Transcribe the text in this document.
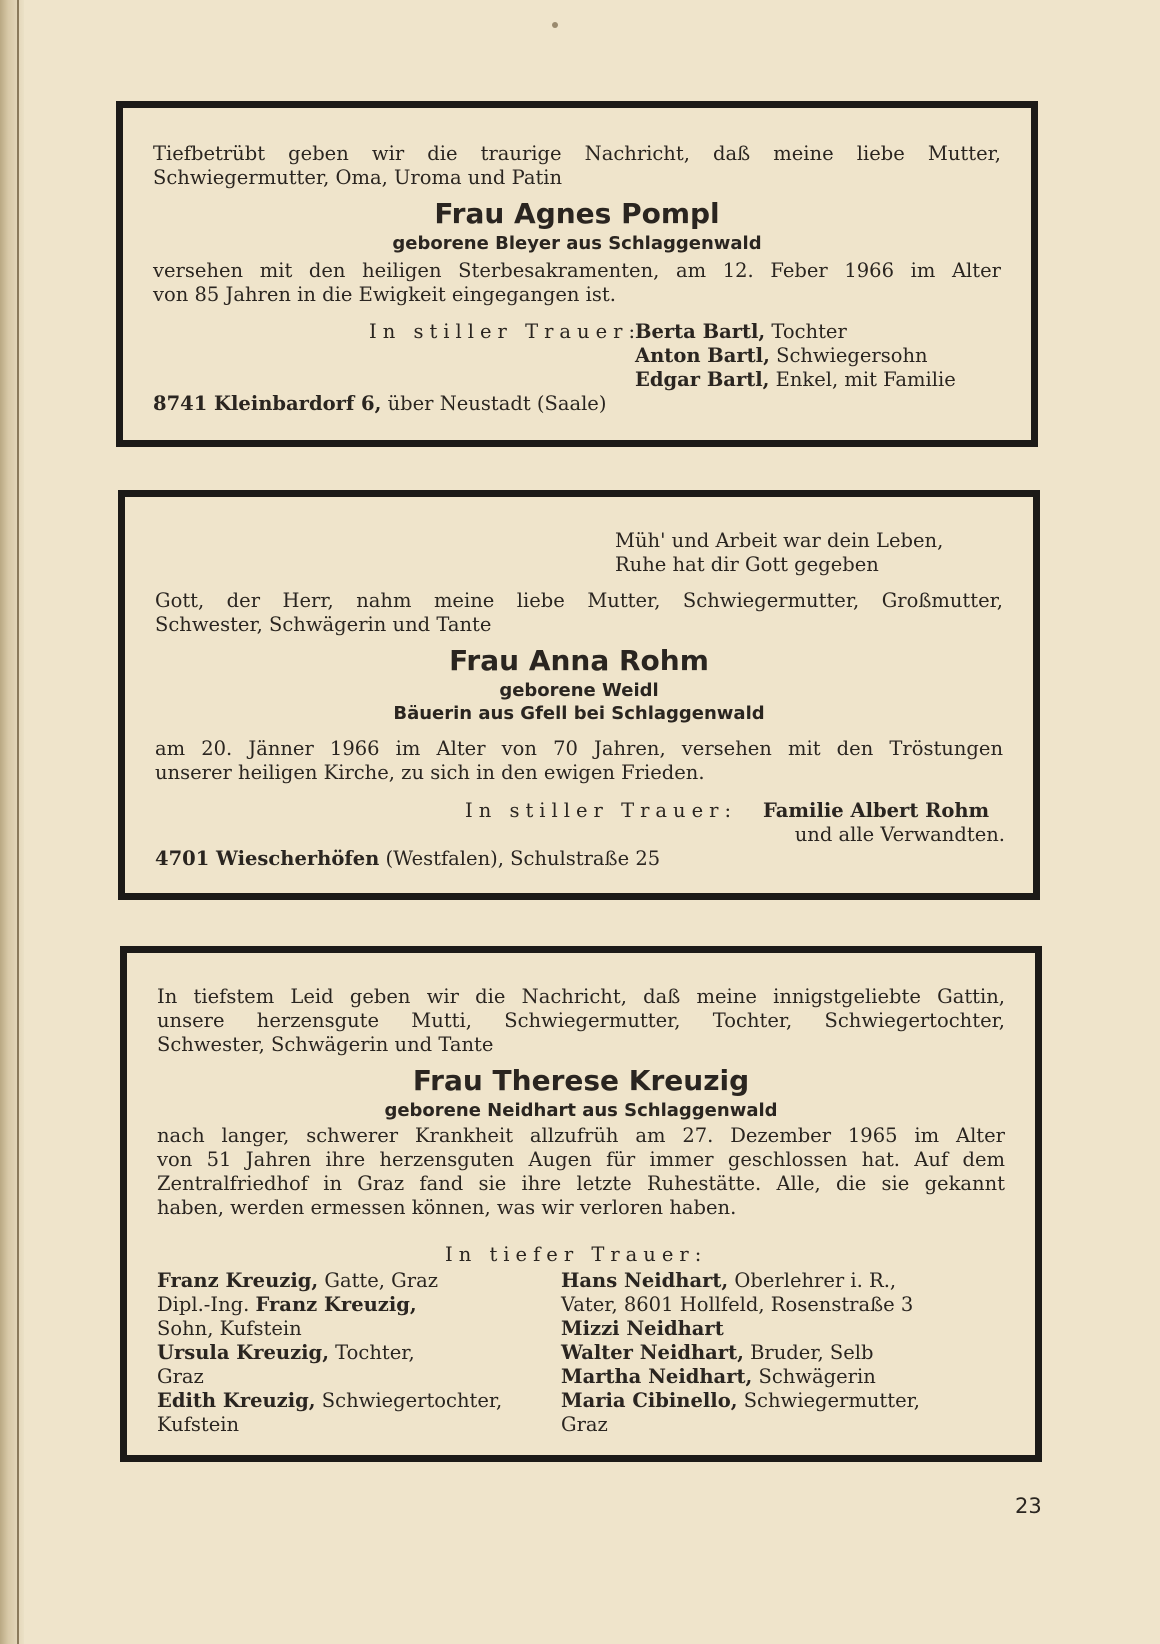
Tiefbetrübt geben wir die traurige Nachricht, daß meine liebe Mutter,

Schwiegermutter, Oma, Uroma und Patin

Frau Agnes Pompl

geborene Bleyer aus Schlaggenwald

versehen mit den heiligen Sterbesakramenten, am 12. Feber 1966 im Alter

von 85 Jahren in die Ewigkeit eingegangen ist.

In stiller Trauer:
Berta Bartl, Tochter
Anton Bartl, Schwiegersohn
Edgar Bartl, Enkel, mit Familie
8741 Kleinbardorf 6, über Neustadt (Saale)
Müh' und Arbeit war dein Leben,
Ruhe hat dir Gott gegeben

Gott, der Herr, nahm meine liebe Mutter, Schwiegermutter, Großmutter,

Schwester, Schwägerin und Tante

Frau Anna Rohm

geborene Weidl

Bäuerin aus Gfell bei Schlaggenwald

am 20. Jänner 1966 im Alter von 70 Jahren, versehen mit den Tröstungen

unserer heiligen Kirche, zu sich in den ewigen Frieden.

In stiller Trauer: Familie Albert Rohm
und alle Verwandten.
4701 Wiescherhöfen (Westfalen), Schulstraße 25

In tiefstem Leid geben wir die Nachricht, daß meine innigstgeliebte Gattin,

unsere herzensgute Mutti, Schwiegermutter, Tochter, Schwiegertochter,

Schwester, Schwägerin und Tante

Frau Therese Kreuzig

geborene Neidhart aus Schlaggenwald

nach langer, schwerer Krankheit allzufrüh am 27. Dezember 1965 im Alter

von 51 Jahren ihre herzensguten Augen für immer geschlossen hat. Auf dem

Zentralfriedhof in Graz fand sie ihre letzte Ruhestätte. Alle, die sie gekannt

haben, werden ermessen können, was wir verloren haben.

In tiefer Trauer:
Franz Kreuzig, Gatte, Graz
Dipl.-Ing. Franz Kreuzig,
Sohn, Kufstein
Ursula Kreuzig, Tochter,
Graz
Edith Kreuzig, Schwiegertochter,
Kufstein
Hans Neidhart, Oberlehrer i. R.,
Vater, 8601 Hollfeld, Rosenstraße 3
Mizzi Neidhart
Walter Neidhart, Bruder, Selb
Martha Neidhart, Schwägerin
Maria Cibinello, Schwiegermutter,
Graz
23
